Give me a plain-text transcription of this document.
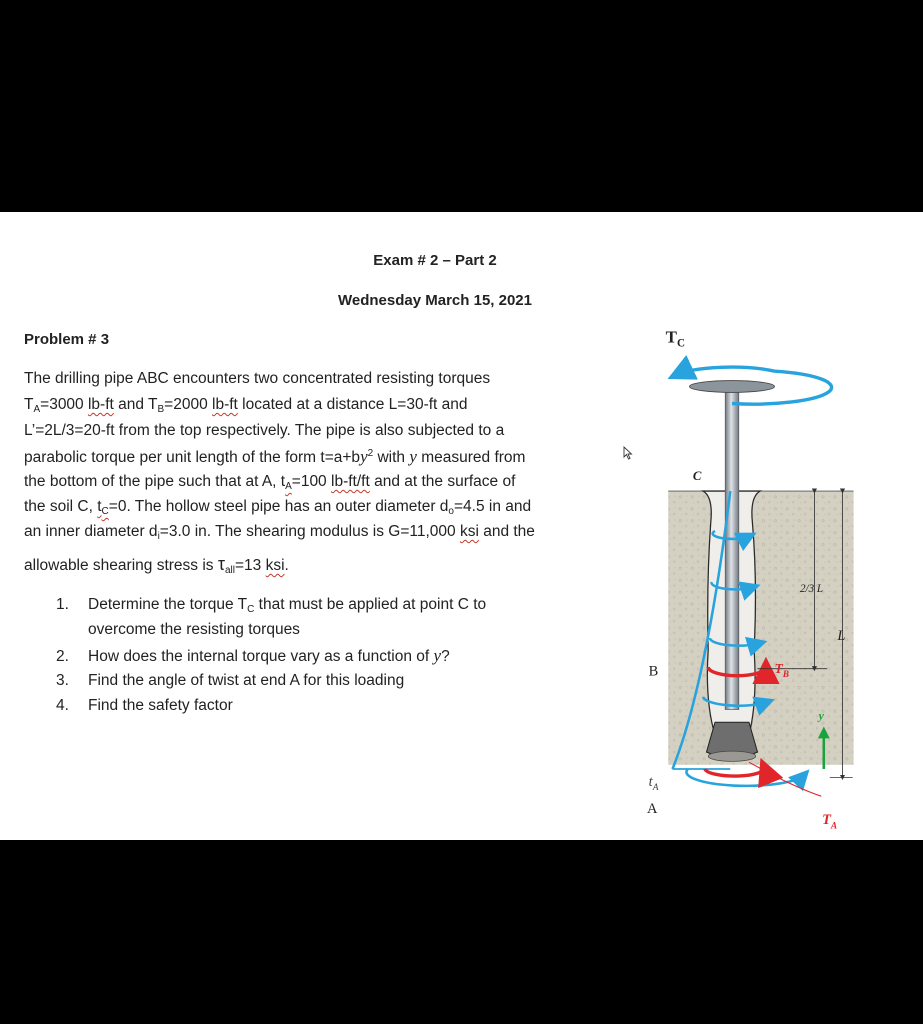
Exam # 2 – Part 2
Wednesday March 15, 2021
Problem # 3
The drilling pipe ABC encounters two concentrated resisting torques
$T_A=3000$ lb-ft and $T_B=2000$ lb-ft located at a distance L=30-ft and
L’=2L/3=20-ft from the top respectively. The pipe is also subjected to a
parabolic torque per unit length of the form $t=a+by^2$ with y measured from
the bottom of the pipe such that at A, $t_A=100$ lb-ft/ft and at the surface of
the soil C, $t_C=0$. The hollow steel pipe has an outer diameter $d_o=4.5$ in and
an inner diameter $d_i=3.0$ in. The shearing modulus is G=11,000 ksi and the
allowable shearing stress is $\tau_{all}=13$ ksi.
1. Determine the torque $T_C$ that must be applied at point C to
overcome the resisting torques
2. How does the internal torque vary as a function of y?
3. Find the angle of twist at end A for this loading
4. Find the safety factor
$T_C$
C
B	$T_B$
$t_A$
A
$T_A$
2/3 L
L
y
